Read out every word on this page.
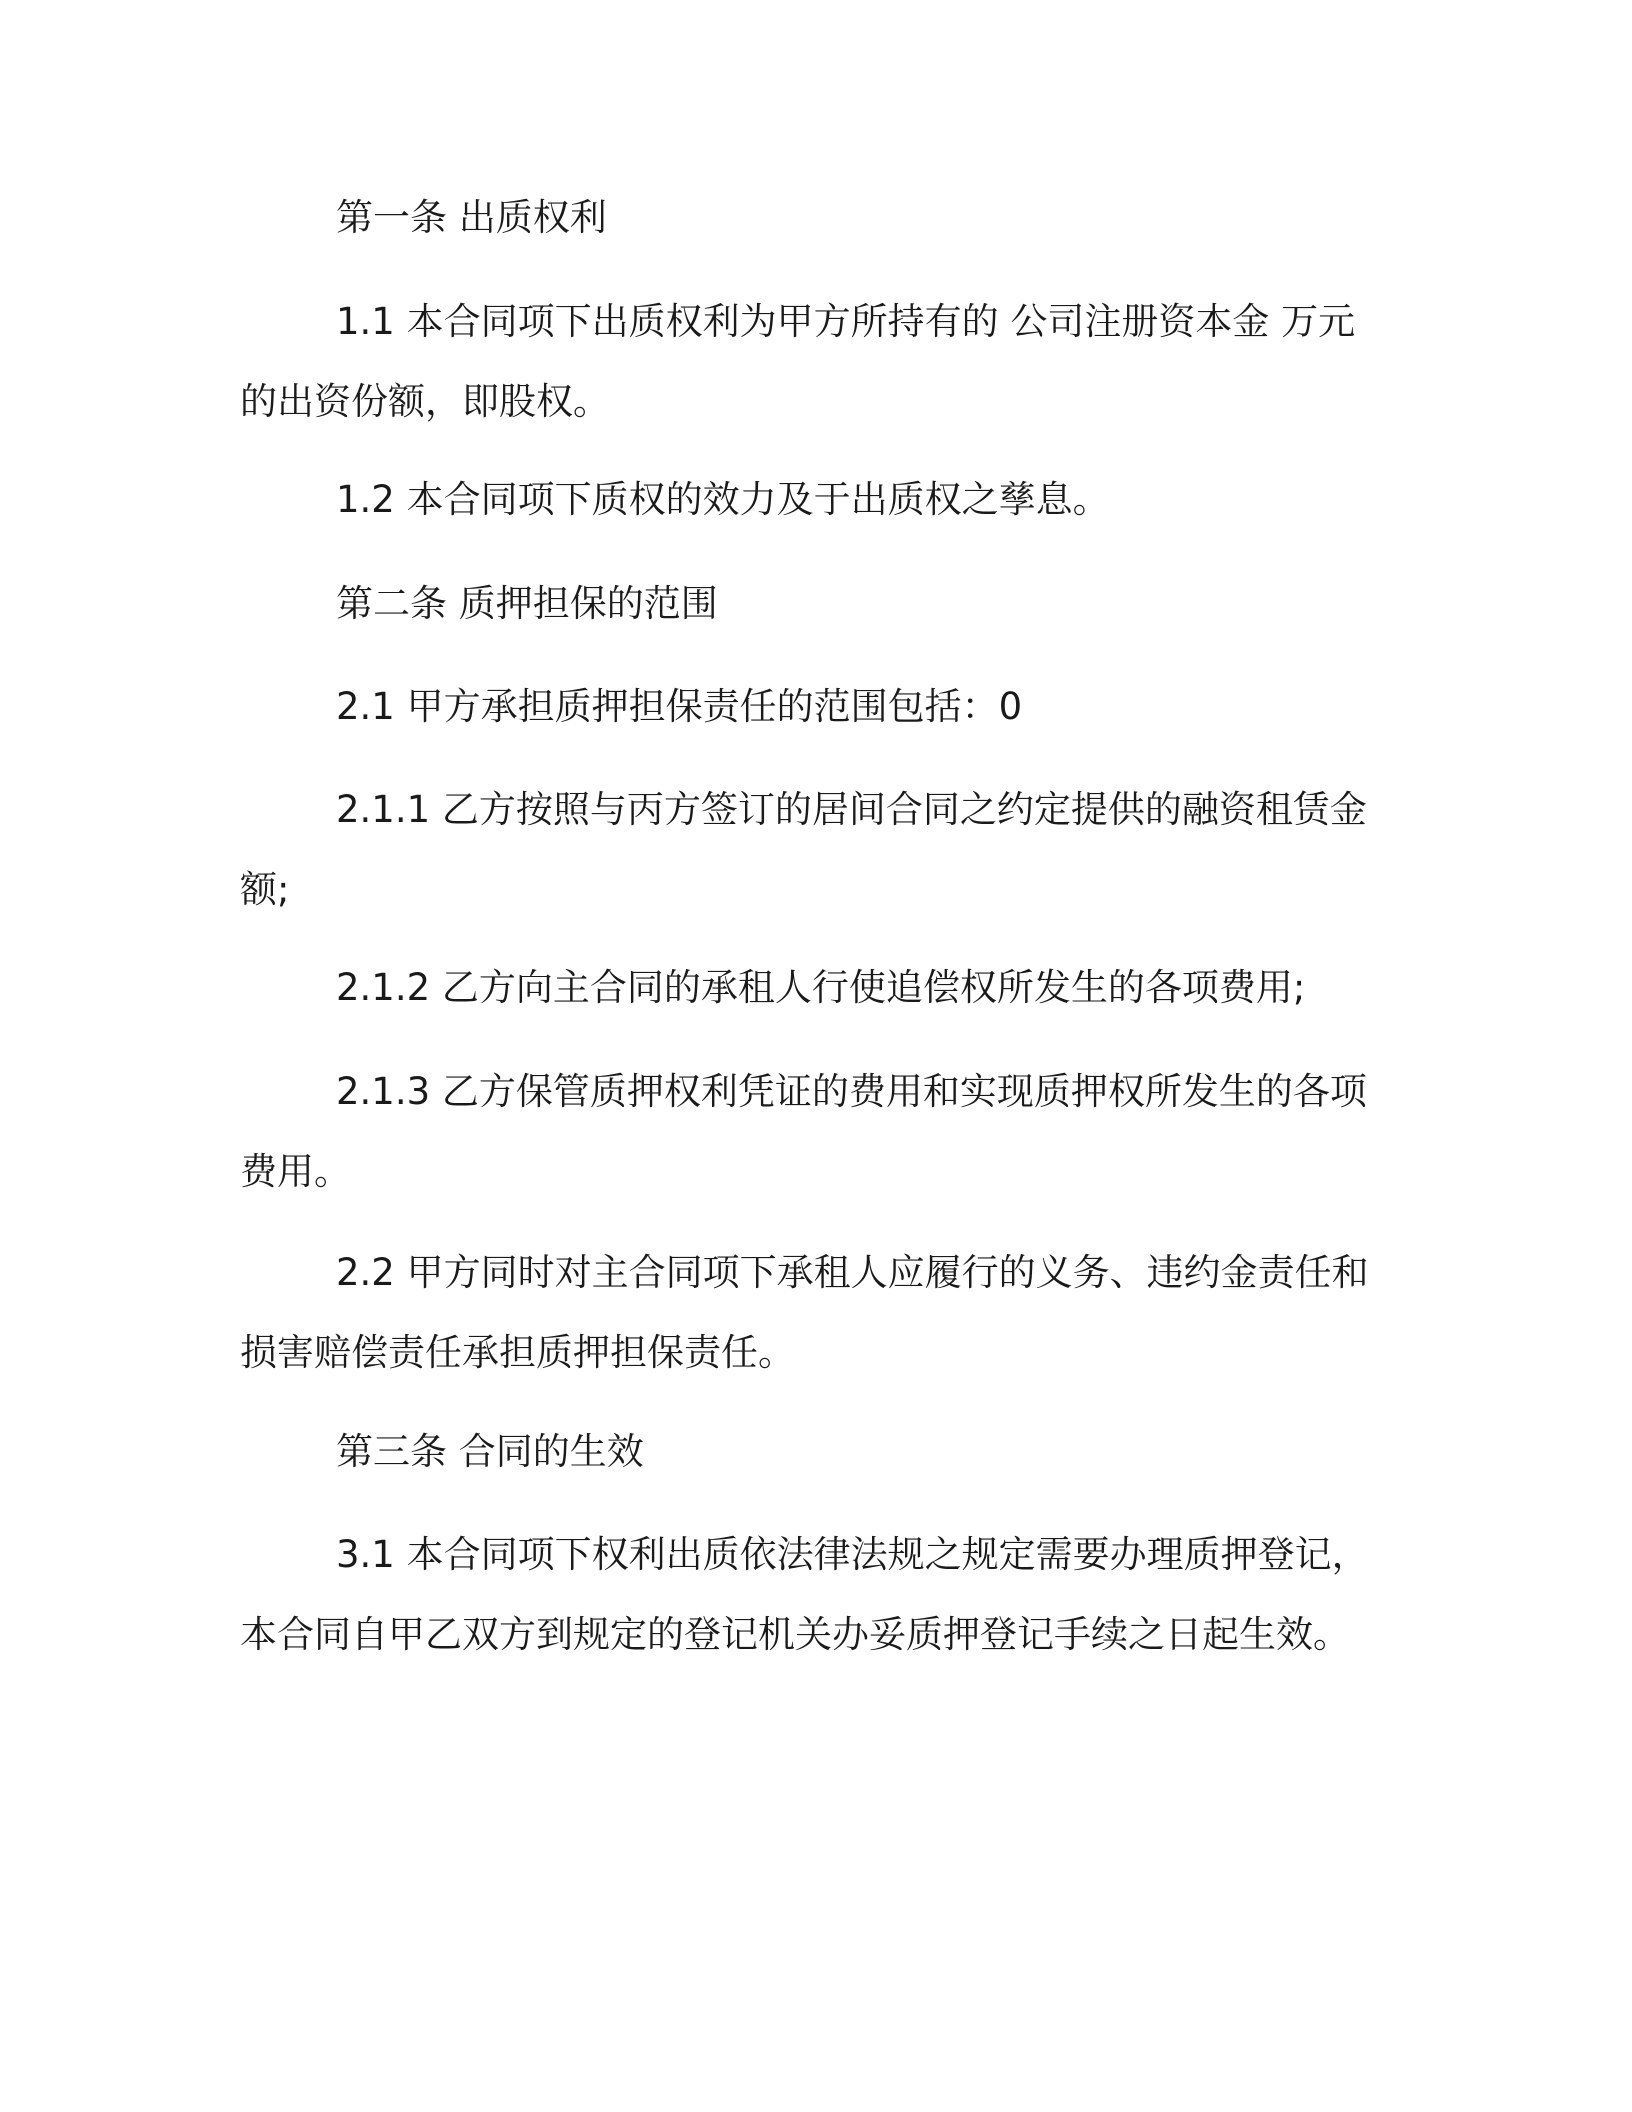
第一条 出质权利

1.1 本合同项下出质权利为甲方所持有的 公司注册资本金 万元的出资份额，即股权。

1.2 本合同项下质权的效力及于出质权之孳息。

第二条 质押担保的范围

2.1 甲方承担质押担保责任的范围包括：0

2.1.1 乙方按照与丙方签订的居间合同之约定提供的融资租赁金额;

2.1.2 乙方向主合同的承租人行使追偿权所发生的各项费用;

2.1.3 乙方保管质押权利凭证的费用和实现质押权所发生的各项费用。

2.2 甲方同时对主合同项下承租人应履行的义务、违约金责任和损害赔偿责任承担质押担保责任。

第三条 合同的生效

3.1 本合同项下权利出质依法律法规之规定需要办理质押登记，本合同自甲乙双方到规定的登记机关办妥质押登记手续之日起生效。
